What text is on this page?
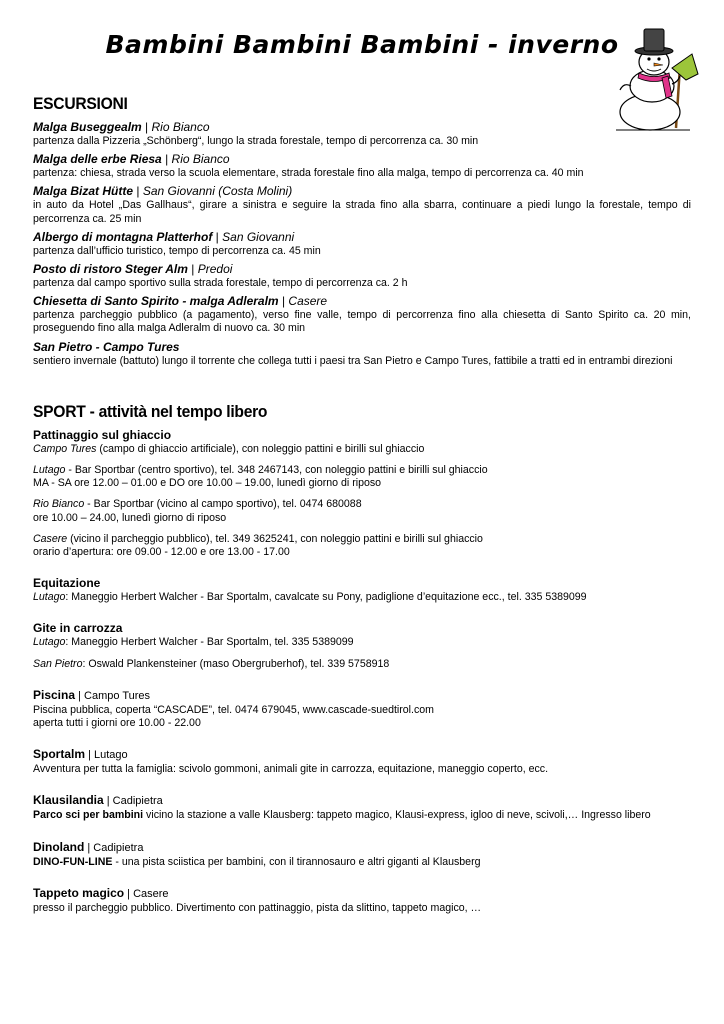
Bambini Bambini Bambini - inverno
ESCURSIONI
Malga Buseggealm | Rio Bianco
partenza dalla Pizzeria „Schönberg“, lungo la strada forestale, tempo di percorrenza ca. 30 min
Malga delle erbe Riesa | Rio Bianco
partenza: chiesa, strada verso la scuola elementare, strada forestale fino alla malga, tempo di percorrenza ca. 40 min
Malga Bizat Hütte | San Giovanni (Costa Molini)
in auto da Hotel „Das Gallhaus“, girare a sinistra e seguire la strada fino alla sbarra, continuare a piedi lungo la forestale, tempo di percorrenza ca. 25 min
Albergo di montagna Platterhof | San Giovanni
partenza dall’ufficio turistico, tempo di percorrenza ca. 45 min
Posto di ristoro Steger Alm | Predoi
partenza dal campo sportivo sulla strada forestale, tempo di percorrenza ca. 2 h
Chiesetta di Santo Spirito - malga Adleralm | Casere
partenza parcheggio pubblico (a pagamento), verso fine valle, tempo di percorrenza fino alla chiesetta di Santo Spirito ca. 20 min, proseguendo fino alla malga Adleralm di nuovo ca. 30 min
San Pietro - Campo Tures
sentiero invernale (battuto) lungo il torrente che collega tutti i paesi tra San Pietro e Campo Tures, fattibile a tratti ed in entrambi direzioni
SPORT - attività nel tempo libero
Pattinaggio sul ghiaccio
Campo Tures (campo di ghiaccio artificiale), con noleggio pattini e birilli sul ghiaccio
Lutago - Bar Sportbar (centro sportivo), tel. 348 2467143, con noleggio pattini e birilli sul ghiaccio
MA - SA ore 12.00 – 01.00 e DO ore 10.00 – 19.00, lunedì giorno di riposo
Rio Bianco - Bar Sportbar (vicino al campo sportivo), tel. 0474 680088
ore 10.00 – 24.00, lunedì giorno di riposo
Casere (vicino il parcheggio pubblico), tel. 349 3625241, con noleggio pattini e birilli sul ghiaccio
orario d’apertura: ore 09.00 - 12.00 e ore 13.00 - 17.00
Equitazione
Lutago: Maneggio Herbert Walcher - Bar Sportalm, cavalcate su Pony, padiglione d’equitazione ecc., tel. 335 5389099
Gite in carrozza
Lutago: Maneggio Herbert Walcher - Bar Sportalm, tel. 335 5389099
San Pietro: Oswald Plankensteiner (maso Obergruberhof), tel. 339 5758918
Piscina | Campo Tures
Piscina pubblica, coperta “CASCADE”, tel. 0474 679045, www.cascade-suedtirol.com
aperta tutti i giorni ore 10.00 - 22.00
Sportalm | Lutago
Avventura per tutta la famiglia: scivolo gommoni, animali gite in carrozza, equitazione, maneggio coperto, ecc.
Klausilandia | Cadipietra
Parco sci per bambini vicino la stazione a valle Klausberg: tappeto magico, Klausi-express, igloo di neve, scivoli,… Ingresso libero
Dinoland | Cadipietra
DINO-FUN-LINE - una pista sciistica per bambini, con il tirannosauro e altri giganti al Klausberg
Tappeto magico | Casere
presso il parcheggio pubblico. Divertimento con pattinaggio, pista da slittino, tappeto magico, …
